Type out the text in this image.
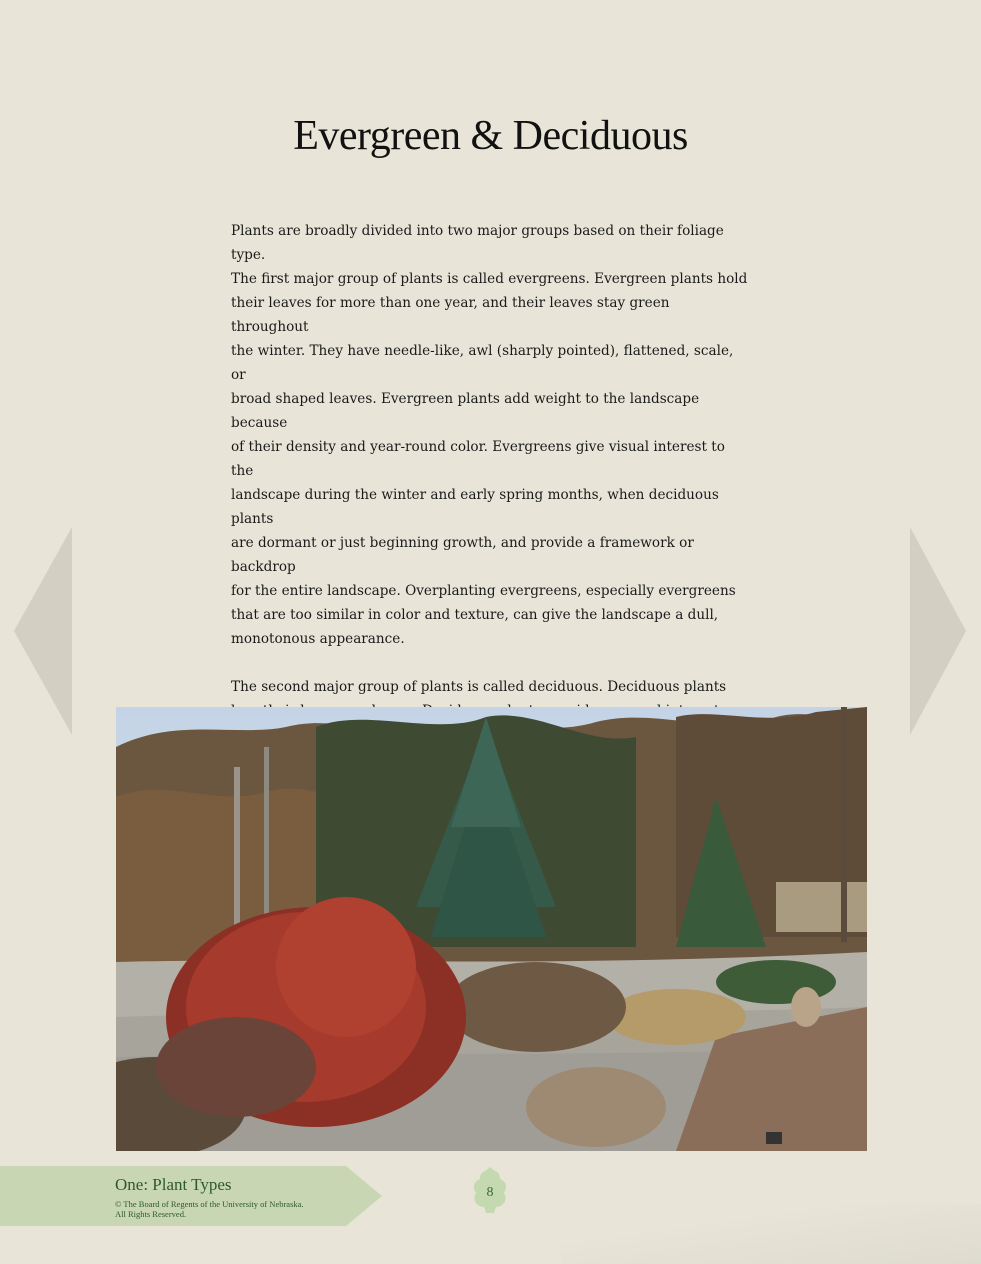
Evergreen & Deciduous

Plants are broadly divided into two major groups based on their foliage type.
The first major group of plants is called evergreens. Evergreen plants hold
their leaves for more than one year, and their leaves stay green throughout
the winter. They have needle-like, awl (sharply pointed), flattened, scale, or
broad shaped leaves. Evergreen plants add weight to the landscape because
of their density and year-round color. Evergreens give visual interest to the
landscape during the winter and early spring months, when deciduous plants
are dormant or just beginning growth, and provide a framework or backdrop
for the entire landscape. Overplanting evergreens, especially evergreens
that are too similar in color and texture, can give the landscape a dull,
monotonous appearance.

The second major group of plants is called deciduous. Deciduous plants

One: Plant Types
© The Board of Regents of the University of Nebraska.
All Rights Reserved.
8
